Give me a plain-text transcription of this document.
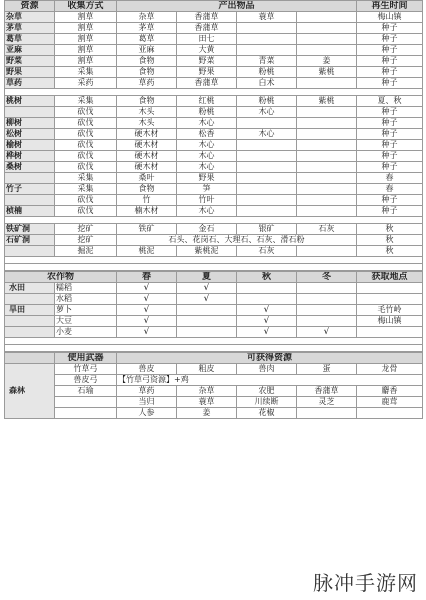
资源	收集方式	产出物品				再生时间
杂草	割草	杂草	香蒲草	蓑草		梅山镇
茅草	割草	茅草	香蒲草			种子
葛草	割草	葛草	田七			种子
亚麻	割草	亚麻	大黄			种子
野菜	割草	食物	野菜	青菜	姜	种子
野果	采集	食物	野果	粉桃	紫桃	种子
草药	采药	草药	香蒲草	白术		种子

桃树	采集	食物	红桃	粉桃	紫桃	夏、秋
	砍伐	木头	粉桃	木心		种子
柳树	砍伐	木头	木心			种子
松树	砍伐	硬木材	松香	木心		种子
榆树	砍伐	硬木材	木心			种子
桦树	砍伐	硬木材	木心			种子
桑树	砍伐	硬木材	木心			种子
	采集	桑叶	野果			春
竹子	采集	食物	笋			春
	砍伐	竹	竹叶			种子
桢楠	砍伐	楠木材	木心			种子

铁矿洞	挖矿	铁矿	金石	银矿	石灰	秋
石矿洞	挖矿	石头、花岗石、大理石、石灰、滑石粉				秋
	掘泥	桃泥	紫桃泥	石灰		秋

农作物		春	夏	秋	冬	获取地点
水田	糯稻	√	√			
	水稻	√	√			
旱田	萝卜	√		√		毛竹岭
	大豆	√		√		梅山镇
	小麦	√		√	√	

	使用武器	可获得资源				
森林	竹草弓	兽皮	粗皮	兽肉	蛋	龙骨
	兽皮弓	【竹草弓资源】+鸡				
	石瑜	草药	杂草	农肥	香蒲草	麝香
		当归	蓑草	川续断	灵芝	鹿茸
		人参	姜	花椒		
脉冲手游网
